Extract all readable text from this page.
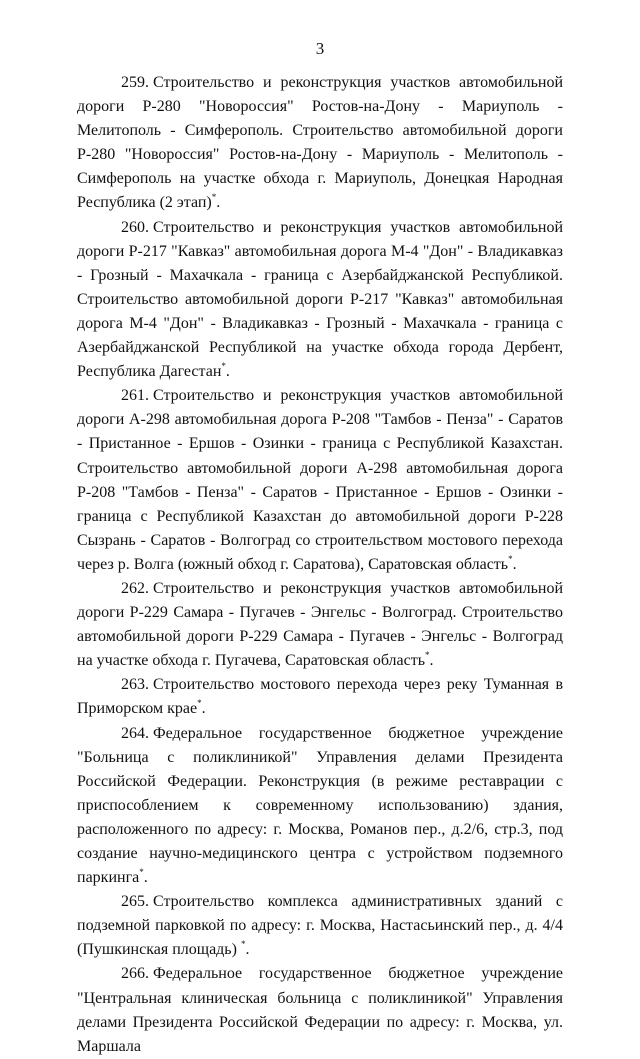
3

259. Строительство и реконструкция участков автомобильной дороги Р-280 "Новороссия" Ростов-на-Дону - Мариуполь - Мелитополь - Симферополь. Строительство автомобильной дороги Р-280 "Новороссия" Ростов-на-Дону - Мариуполь - Мелитополь - Симферополь на участке обхода г. Мариуполь, Донецкая Народная Республика (2 этап)*.

260. Строительство и реконструкция участков автомобильной дороги Р-217 "Кавказ" автомобильная дорога М-4 "Дон" - Владикавказ - Грозный - Махачкала - граница с Азербайджанской Республикой. Строительство автомобильной дороги Р-217 "Кавказ" автомобильная дорога М-4 "Дон" - Владикавказ - Грозный - Махачкала - граница с Азербайджанской Республикой на участке обхода города Дербент, Республика Дагестан*.

261. Строительство и реконструкция участков автомобильной дороги А-298 автомобильная дорога Р-208 "Тамбов - Пенза" - Саратов - Пристанное - Ершов - Озинки - граница с Республикой Казахстан. Строительство автомобильной дороги А-298 автомобильная дорога Р-208 "Тамбов - Пенза" - Саратов - Пристанное - Ершов - Озинки - граница с Республикой Казахстан до автомобильной дороги Р-228 Сызрань - Саратов - Волгоград со строительством мостового перехода через р. Волга (южный обход г. Саратова), Саратовская область*.

262. Строительство и реконструкция участков автомобильной дороги Р-229 Самара - Пугачев - Энгельс - Волгоград. Строительство автомобильной дороги Р-229 Самара - Пугачев - Энгельс - Волгоград на участке обхода г. Пугачева, Саратовская область*.

263. Строительство мостового перехода через реку Туманная в Приморском крае*.

264. Федеральное государственное бюджетное учреждение "Больница с поликлиникой" Управления делами Президента Российской Федерации. Реконструкция (в режиме реставрации с приспособлением к современному использованию) здания, расположенного по адресу: г. Москва, Романов пер., д.2/6, стр.3, под создание научно-медицинского центра с устройством подземного паркинга*.

265. Строительство комплекса административных зданий с подземной парковкой по адресу: г. Москва, Настасьинский пер., д. 4/4 (Пушкинская площадь) *.

266. Федеральное государственное бюджетное учреждение "Центральная клиническая больница с поликлиникой" Управления делами Президента Российской Федерации по адресу: г. Москва, ул. Маршала
